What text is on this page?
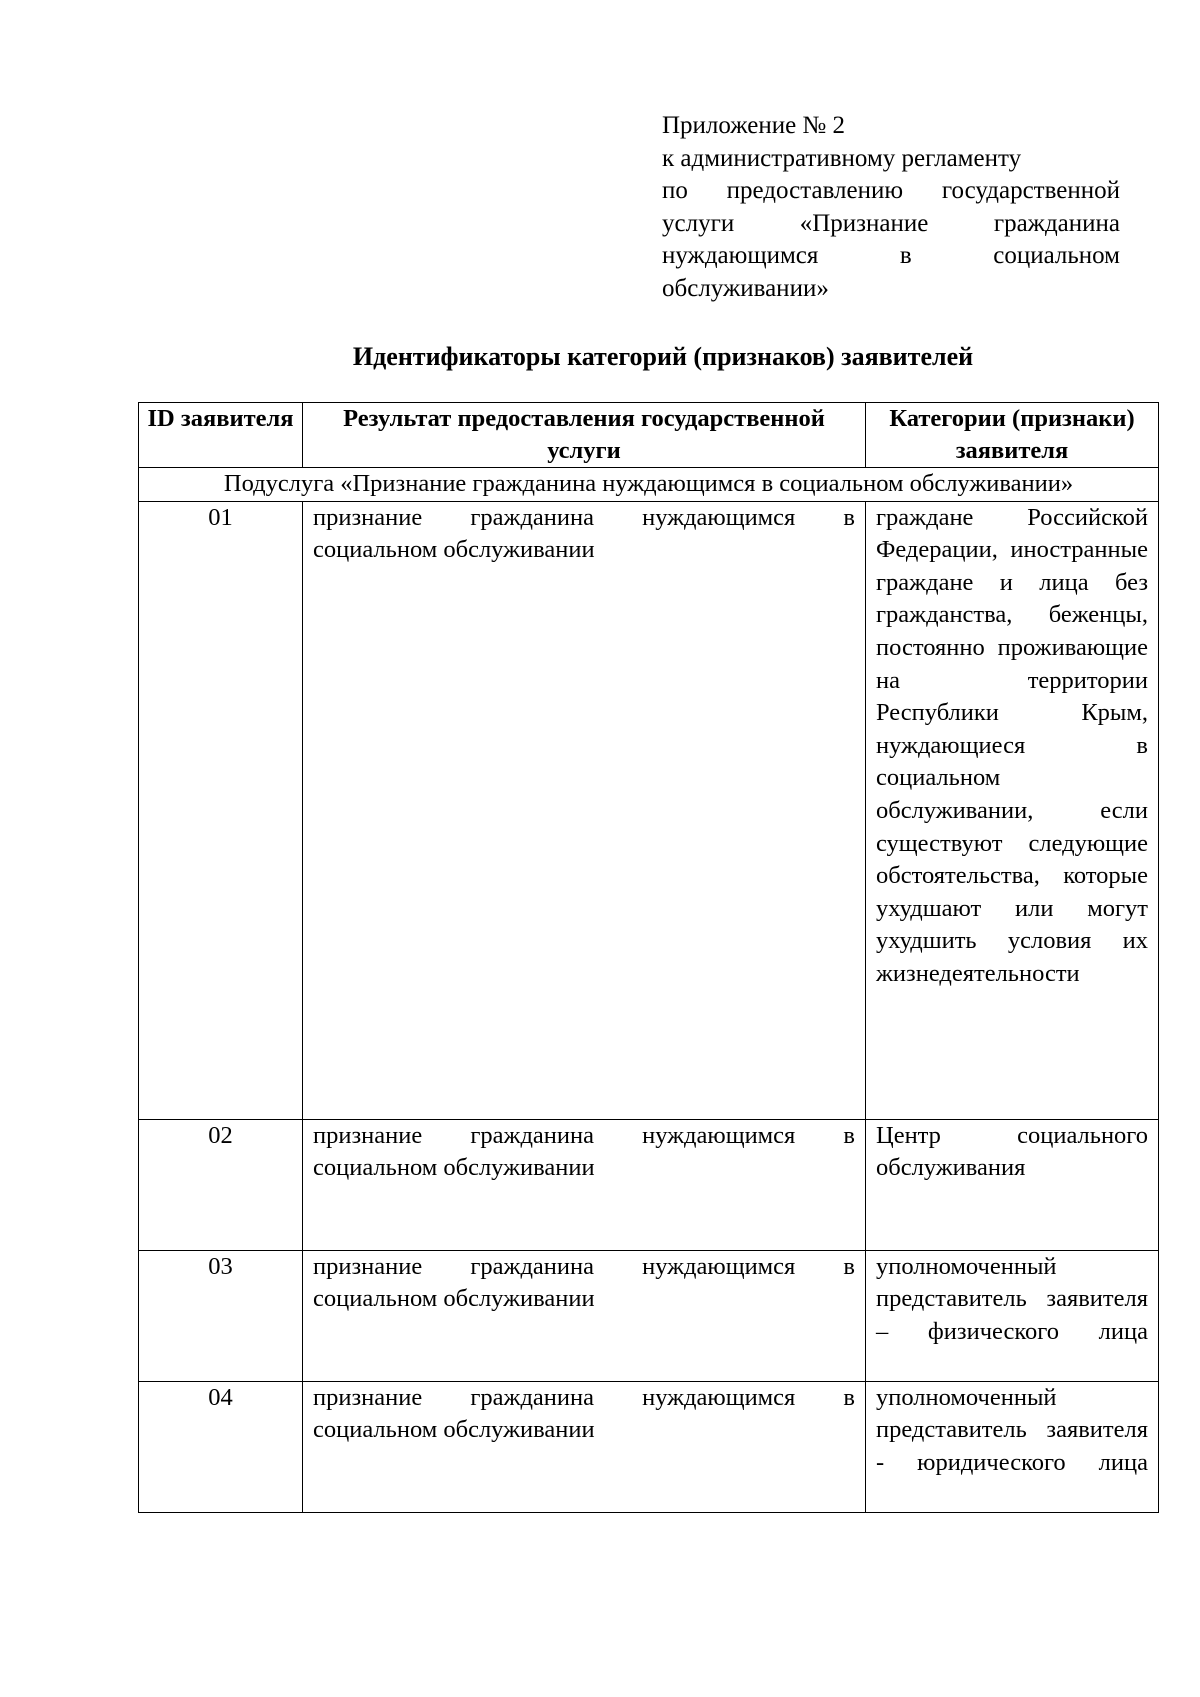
Приложение № 2
к административному регламенту
по предоставлению государственной
услуги «Признание гражданина
нуждающимся в социальном
обслуживании»
Идентификаторы категорий (признаков) заявителей
ID заявителя	Результат предоставления государственной услуги	Категории (признаки) заявителя
Подуслуга «Признание гражданина нуждающимся в социальном обслуживании»		
01	признание гражданина нуждающимся в социальном обслуживании	граждане Российской Федерации, иностранные граждане и лица без гражданства, беженцы, постоянно проживающие на территории Республики Крым, нуждающиеся в социальном обслуживании, если существуют следующие обстоятельства, которые ухудшают или могут ухудшить условия их жизнедеятельности
02	признание гражданина нуждающимся в социальном обслуживании	Центр социального обслуживания
03	признание гражданина нуждающимся в социальном обслуживании	уполномоченный представитель заявителя – физического лица
04	признание гражданина нуждающимся в социальном обслуживании	уполномоченный представитель заявителя - юридического лица
